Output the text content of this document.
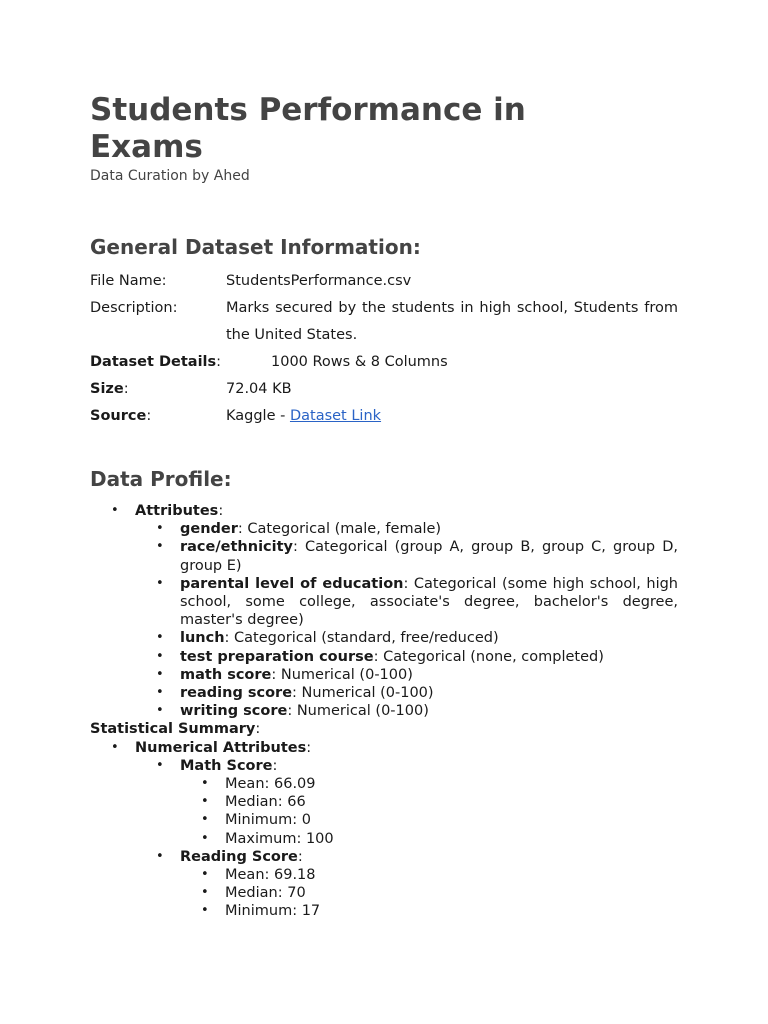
Students Performance in Exams
Data Curation by Ahed
General Dataset Information:
File Name:	StudentsPerformance.csv
Description:	Marks secured by the students in high school, Students from the United States.
Dataset Details:	1000 Rows & 8 Columns
Size:	72.04 KB
Source:	Kaggle - Dataset Link
Data Profile:
• Attributes:
• gender: Categorical (male, female)
• race/ethnicity: Categorical (group A, group B, group C, group D, group E)
• parental level of education: Categorical (some high school, high school, some college, associate's degree, bachelor's degree, master's degree)
• lunch: Categorical (standard, free/reduced)
• test preparation course: Categorical (none, completed)
• math score: Numerical (0-100)
• reading score: Numerical (0-100)
• writing score: Numerical (0-100)
Statistical Summary:
• Numerical Attributes:
• Math Score:
• Mean: 66.09
• Median: 66
• Minimum: 0
• Maximum: 100
• Reading Score:
• Mean: 69.18
• Median: 70
• Minimum: 17
